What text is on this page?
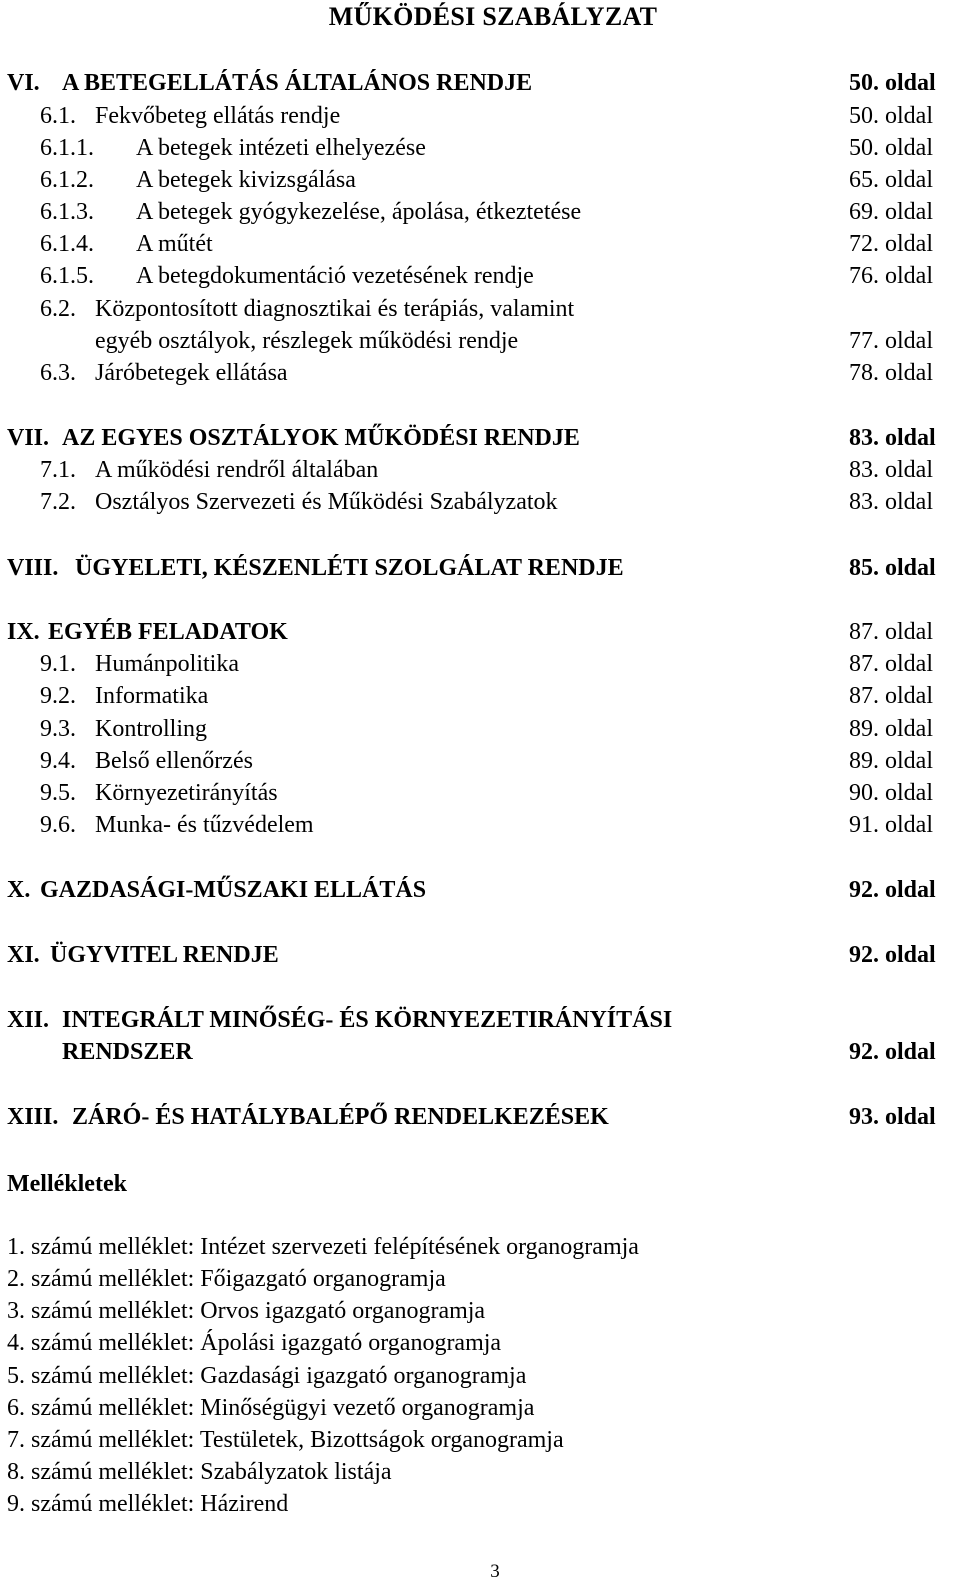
MŰKÖDÉSI SZABÁLYZAT
VI. A BETEGELLÁTÁS ÁLTALÁNOS RENDJE	50. oldal
6.1. Fekvőbeteg ellátás rendje	50. oldal
6.1.1. A betegek intézeti elhelyezése	50. oldal
6.1.2. A betegek kivizsgálása	65. oldal
6.1.3. A betegek gyógykezelése, ápolása, étkeztetése	69. oldal
6.1.4. A műtét	72. oldal
6.1.5. A betegdokumentáció vezetésének rendje	76. oldal
6.2. Központosított diagnosztikai és terápiás, valamint
egyéb osztályok, részlegek működési rendje	77. oldal
6.3. Járóbetegek ellátása	78. oldal
VII. AZ EGYES OSZTÁLYOK MŰKÖDÉSI RENDJE	83. oldal
7.1. A működési rendről általában	83. oldal
7.2. Osztályos Szervezeti és Működési Szabályzatok	83. oldal
VIII. ÜGYELETI, KÉSZENLÉTI SZOLGÁLAT RENDJE	85. oldal
IX. EGYÉB FELADATOK	87. oldal
9.1. Humánpolitika	87. oldal
9.2. Informatika	87. oldal
9.3. Kontrolling	89. oldal
9.4. Belső ellenőrzés	89. oldal
9.5. Környezetirányítás	90. oldal
9.6. Munka- és tűzvédelem	91. oldal
X. GAZDASÁGI-MŰSZAKI ELLÁTÁS	92. oldal
XI. ÜGYVITEL RENDJE	92. oldal
XII. INTEGRÁLT MINŐSÉG- ÉS KÖRNYEZETIRÁNYÍTÁSI
RENDSZER	92. oldal
XIII. ZÁRÓ- ÉS HATÁLYBALÉPŐ RENDELKEZÉSEK	93. oldal
Mellékletek
1. számú melléklet: Intézet szervezeti felépítésének organogramja
2. számú melléklet: Főigazgató organogramja
3. számú melléklet: Orvos igazgató organogramja
4. számú melléklet: Ápolási igazgató organogramja
5. számú melléklet: Gazdasági igazgató organogramja
6. számú melléklet: Minőségügyi vezető organogramja
7. számú melléklet: Testületek, Bizottságok organogramja
8. számú melléklet: Szabályzatok listája
9. számú melléklet: Házirend
3
